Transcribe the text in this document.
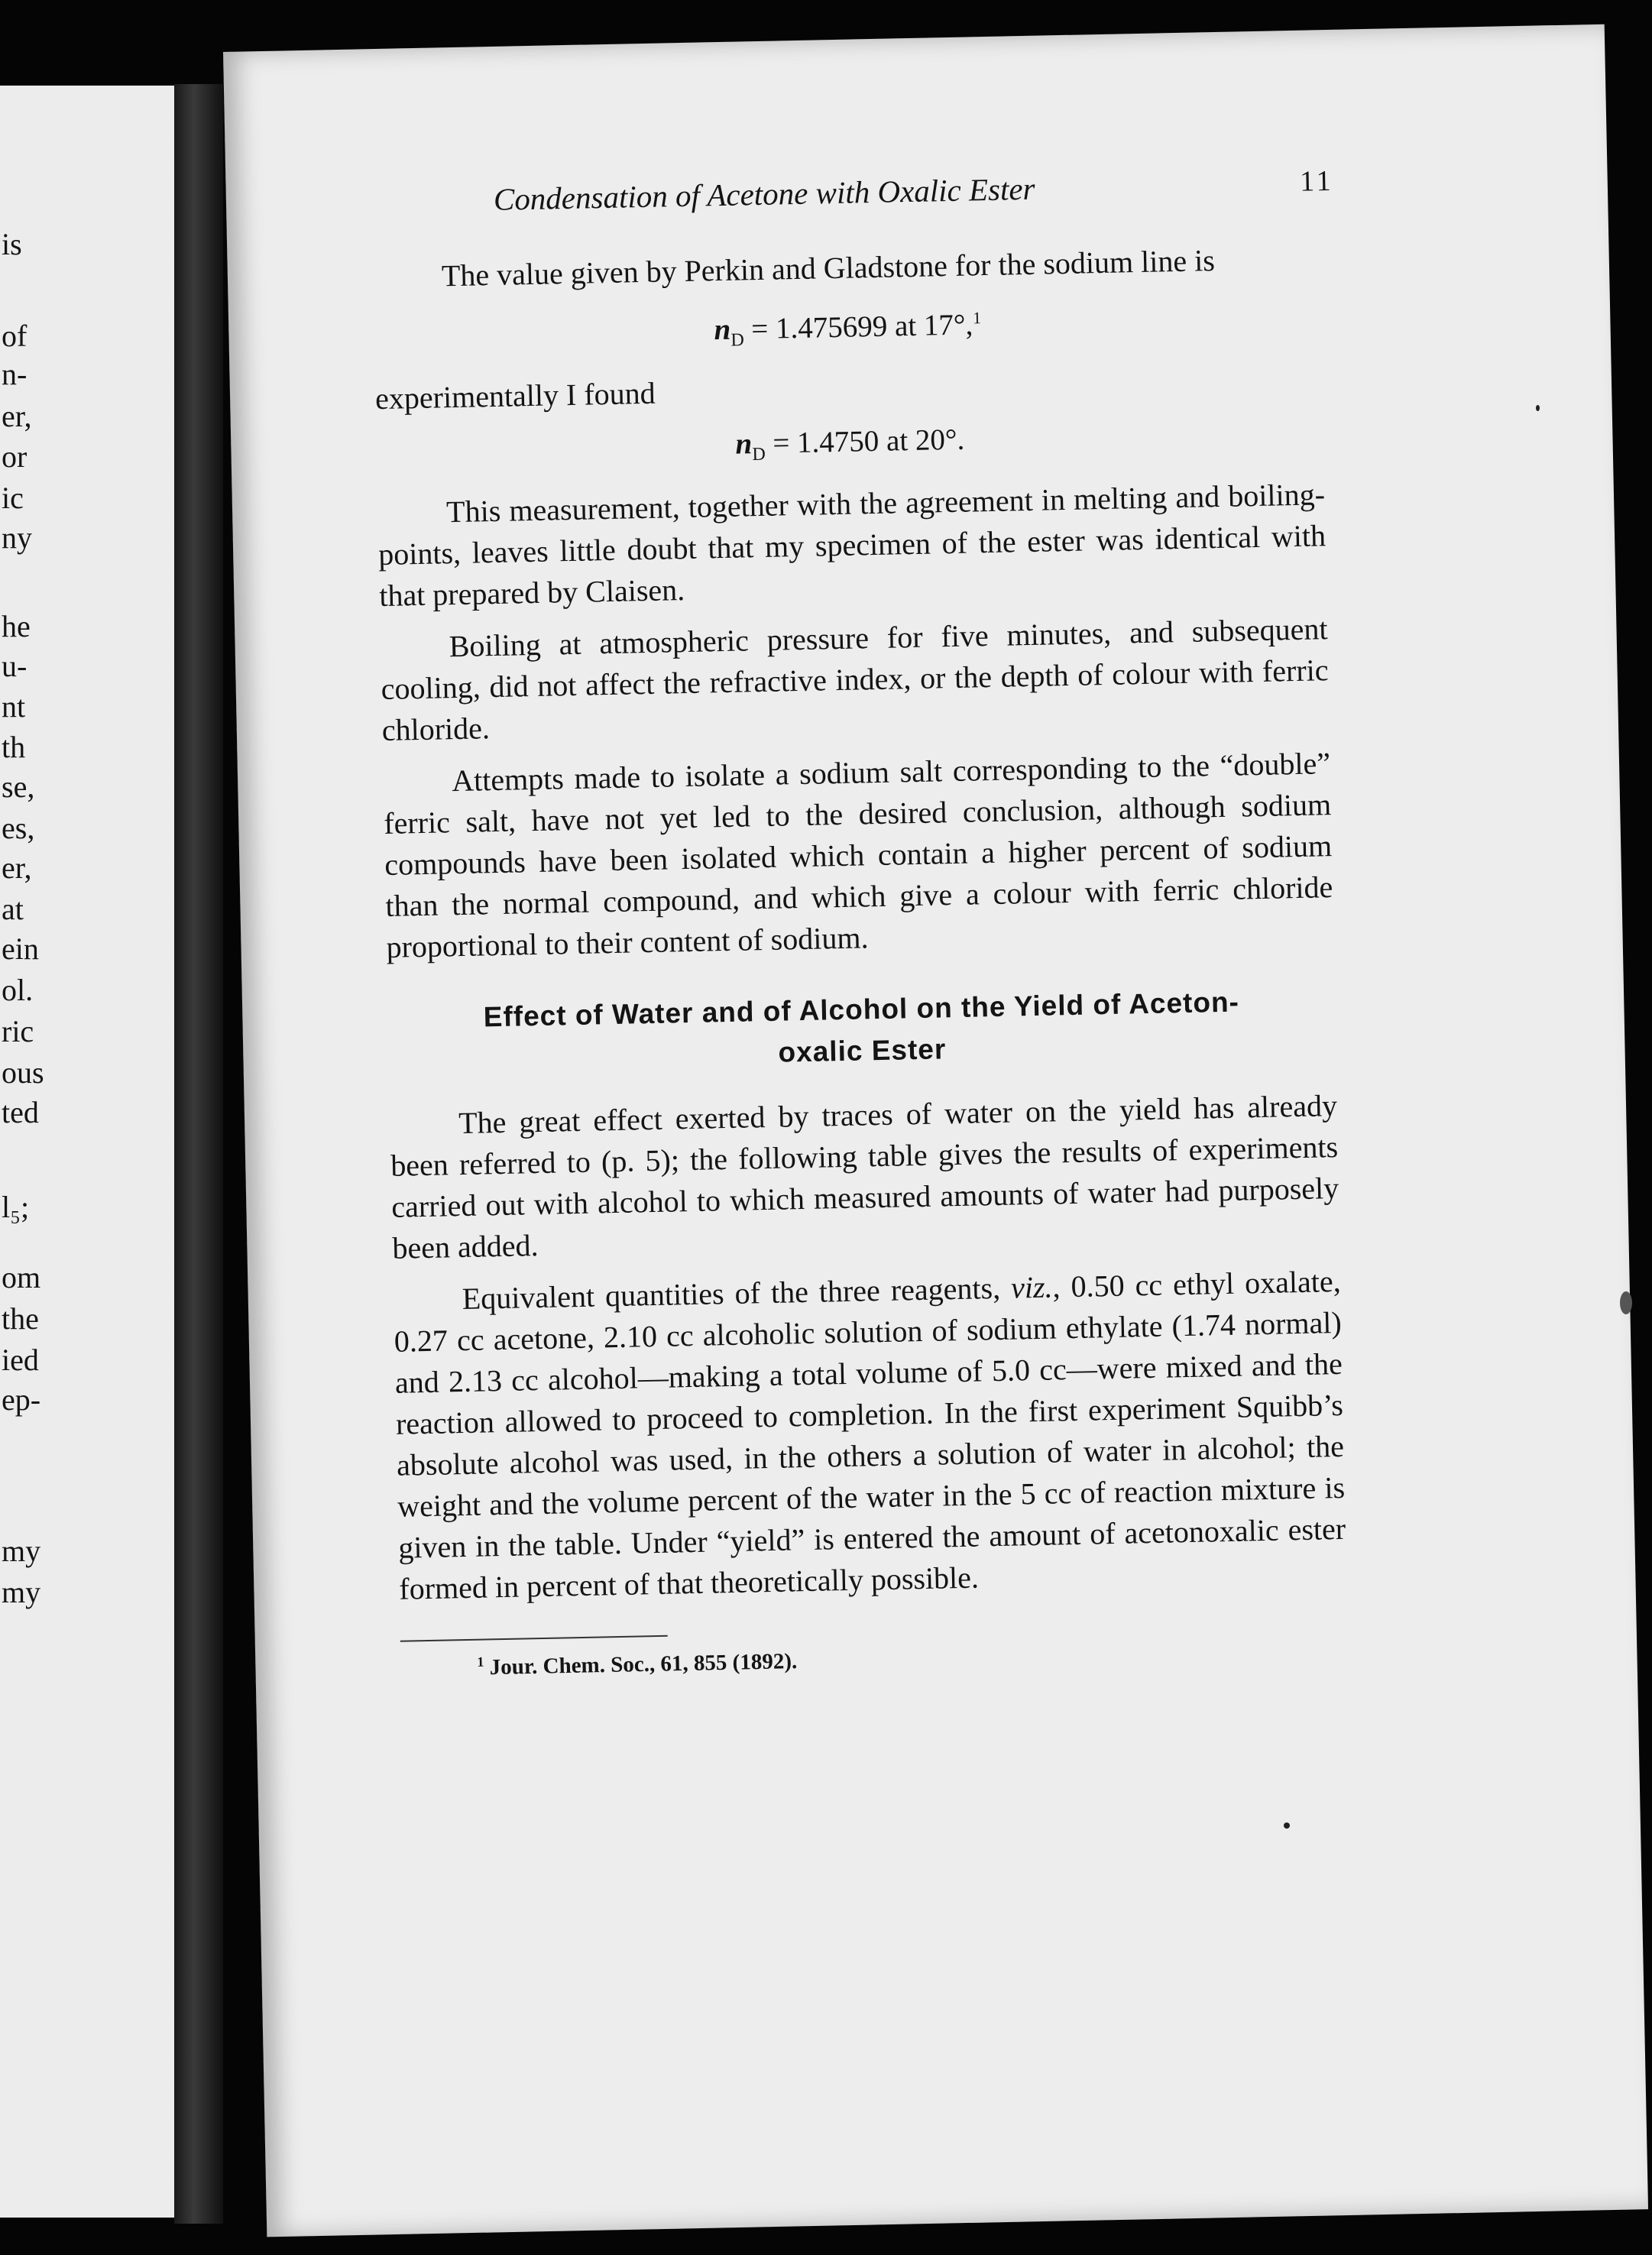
is
of
n-
er,
or
ic
ny
he
u-
nt
th
se,
es,
er,
at
ein
ol.
ric
ous
ted
l₅;
om
the
ied
ep-
my
my
Condensation of Acetone with Oxalic Ester	11

The value given by Perkin and Gladstone for the sodium line is

$n_D = 1.475699$ at 17°,$^1$

experimentally I found

$n_D = 1.4750$ at 20°.

This measurement, together with the agreement in melting and boiling-points, leaves little doubt that my specimen of the ester was identical with that prepared by Claisen.

Boiling at atmospheric pressure for five minutes, and subsequent cooling, did not affect the refractive index, or the depth of colour with ferric chloride.

Attempts made to isolate a sodium salt corresponding to the “double” ferric salt, have not yet led to the desired conclusion, although sodium compounds have been isolated which contain a higher percent of sodium than the normal compound, and which give a colour with ferric chloride proportional to their content of sodium.

Effect of Water and of Alcohol on the Yield of Aceton-
oxalic Ester

The great effect exerted by traces of water on the yield has already been referred to (p. 5); the following table gives the results of experiments carried out with alcohol to which measured amounts of water had purposely been added.

Equivalent quantities of the three reagents, viz., 0.50 cc ethyl oxalate, 0.27 cc acetone, 2.10 cc alcoholic solution of sodium ethylate (1.74 normal) and 2.13 cc alcohol—making a total volume of 5.0 cc—were mixed and the reaction allowed to proceed to completion. In the first experiment Squibb’s absolute alcohol was used, in the others a solution of water in alcohol; the weight and the volume percent of the water in the 5 cc of reaction mixture is given in the table. Under “yield” is entered the amount of acetonoxalic ester formed in percent of that theoretically possible.

$^1$ Jour. Chem. Soc., 61, 855 (1892).
